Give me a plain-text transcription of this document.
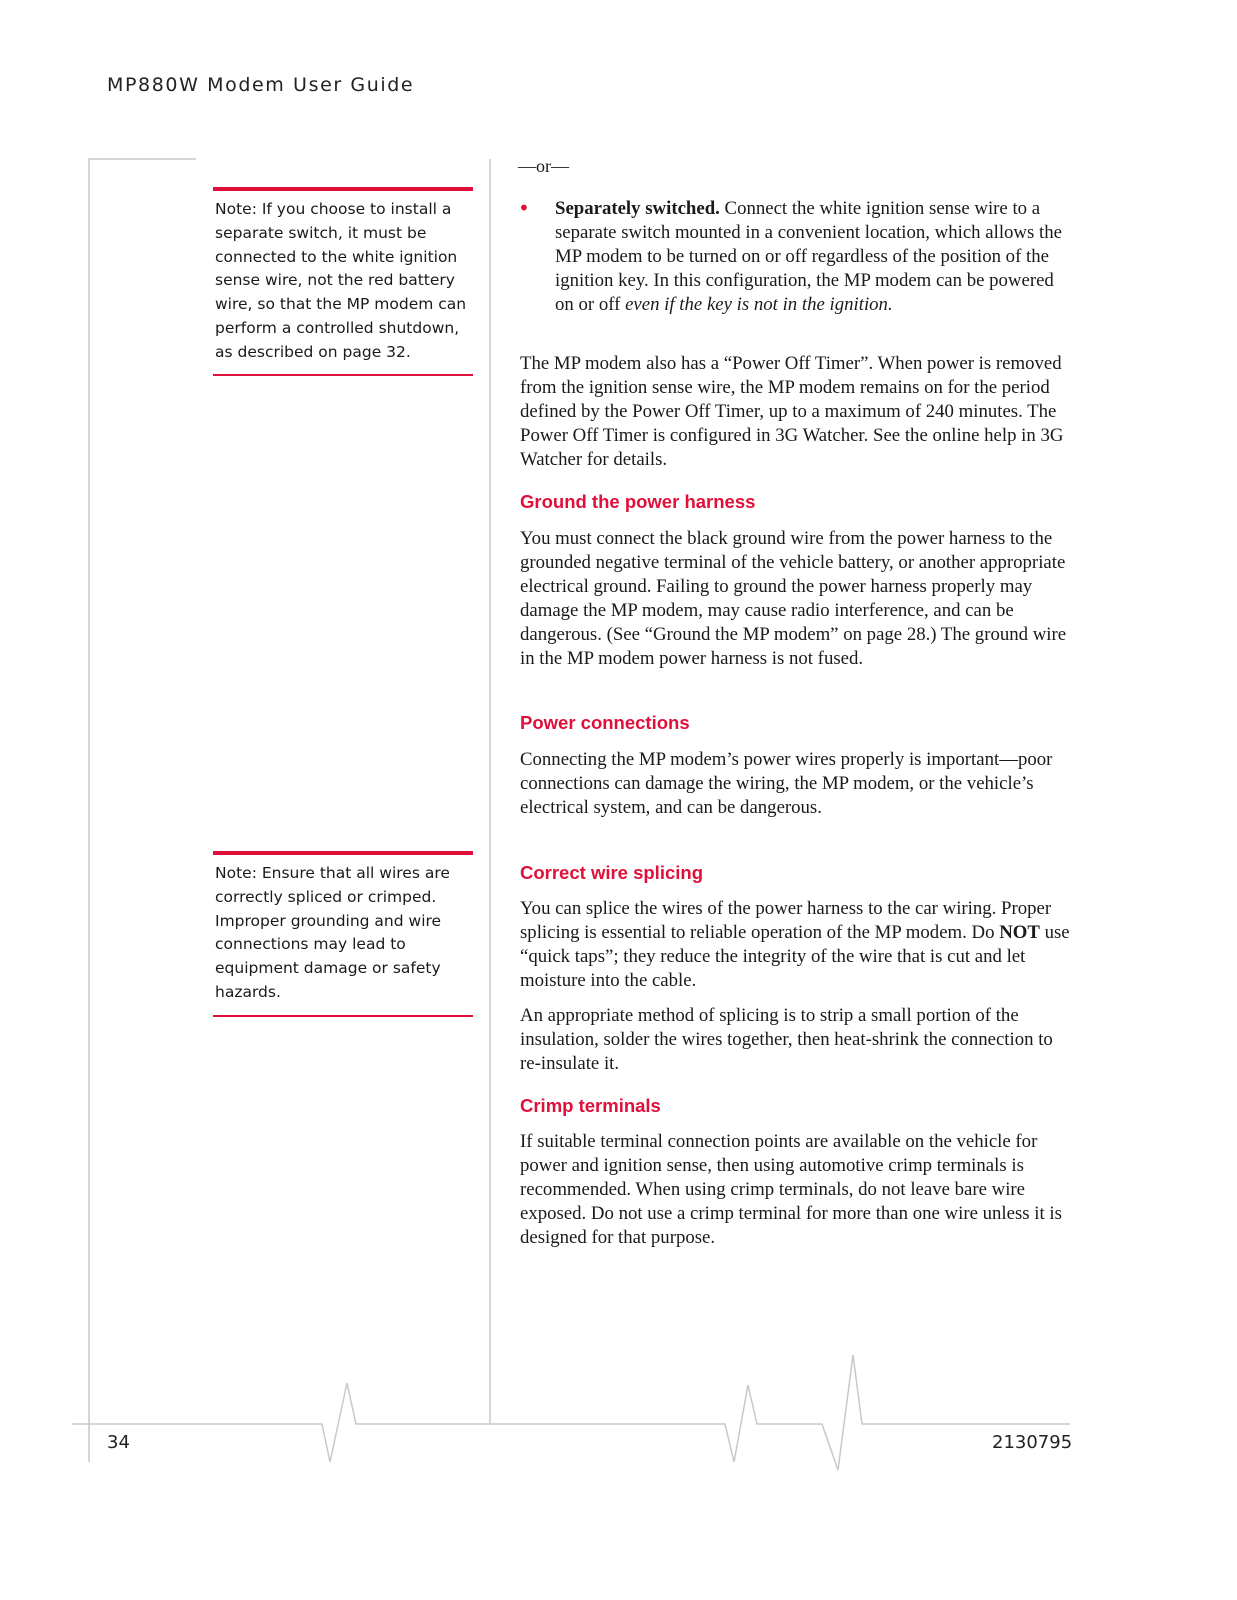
MP880W Modem User Guide
Note: If you choose to install a separate switch, it must be connected to the white ignition sense wire, not the red battery wire, so that the MP modem can perform a controlled shutdown, as described on page 32.
Note: Ensure that all wires are correctly spliced or crimped. Improper grounding and wire connections may lead to equipment damage or safety hazards.
—or—
• Separately switched. Connect the white ignition sense wire to a separate switch mounted in a convenient location, which allows the MP modem to be turned on or off regardless of the position of the ignition key. In this configuration, the MP modem can be powered on or off even if the key is not in the ignition.
The MP modem also has a “Power Off Timer”. When power is removed from the ignition sense wire, the MP modem remains on for the period defined by the Power Off Timer, up to a maximum of 240 minutes. The Power Off Timer is configured in 3G Watcher. See the online help in 3G Watcher for details.
Ground the power harness
You must connect the black ground wire from the power harness to the grounded negative terminal of the vehicle battery, or another appropriate electrical ground. Failing to ground the power harness properly may damage the MP modem, may cause radio interference, and can be dangerous. (See “Ground the MP modem” on page 28.) The ground wire in the MP modem power harness is not fused.
Power connections
Connecting the MP modem’s power wires properly is important—poor connections can damage the wiring, the MP modem, or the vehicle’s electrical system, and can be dangerous.
Correct wire splicing
You can splice the wires of the power harness to the car wiring. Proper splicing is essential to reliable operation of the MP modem. Do NOT use “quick taps”; they reduce the integrity of the wire that is cut and let moisture into the cable.
An appropriate method of splicing is to strip a small portion of the insulation, solder the wires together, then heat-shrink the connection to re-insulate it.
Crimp terminals
If suitable terminal connection points are available on the vehicle for power and ignition sense, then using automotive crimp terminals is recommended. When using crimp terminals, do not leave bare wire exposed. Do not use a crimp terminal for more than one wire unless it is designed for that purpose.
34	2130795
